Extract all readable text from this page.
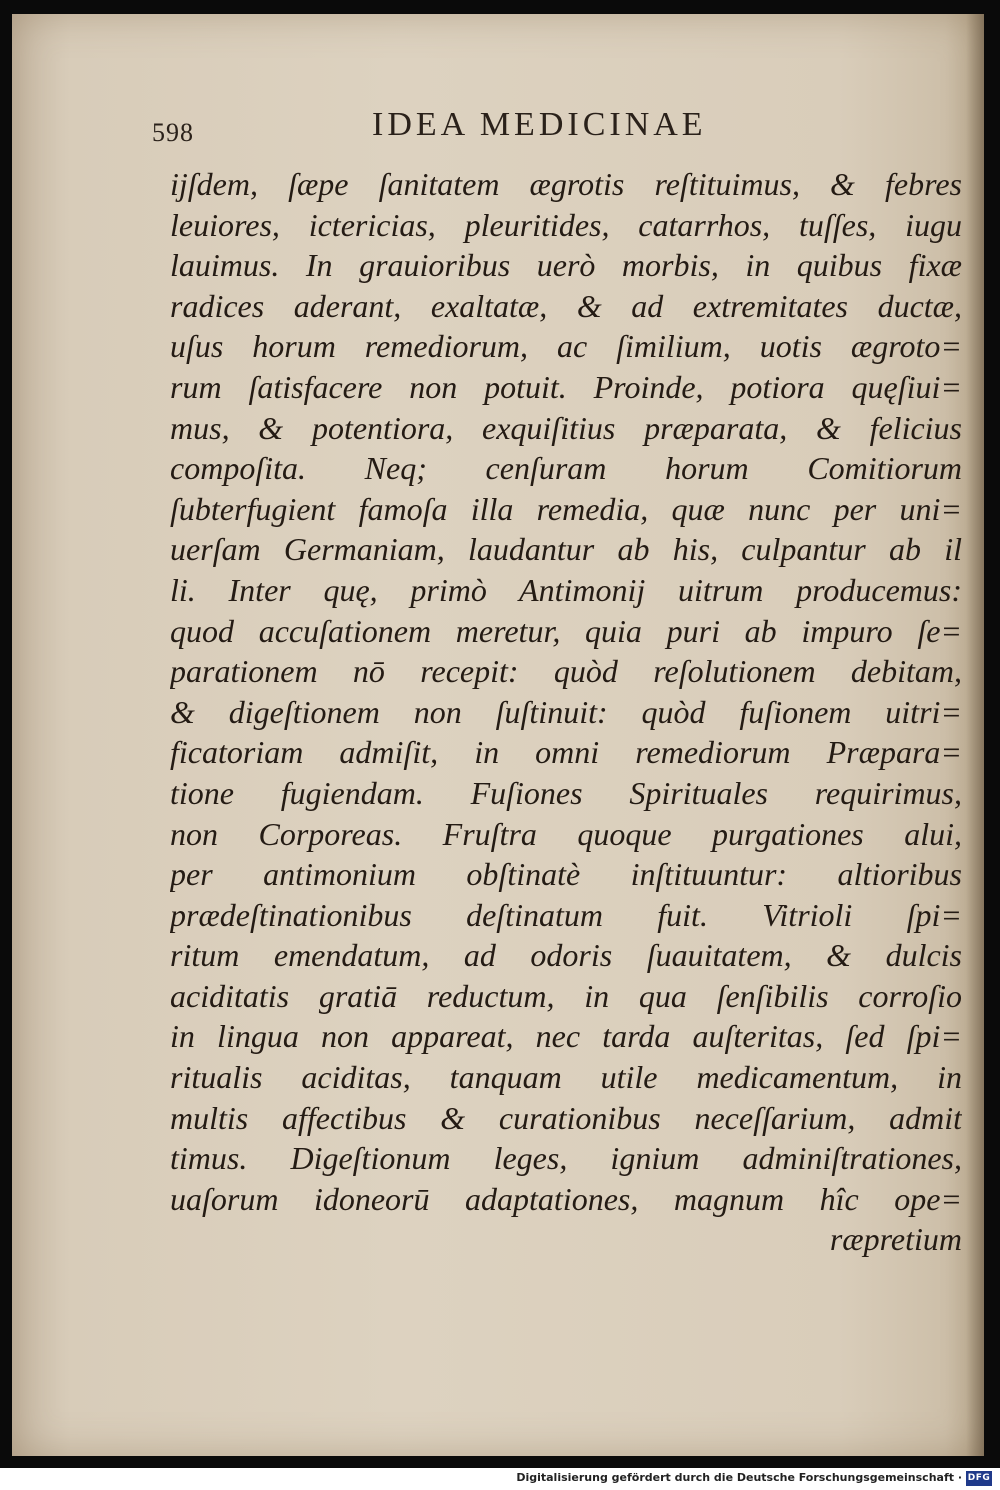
598	IDEA MEDICINAE
ijſdem, ſæpe ſanitatem ægrotis reſtituimus, & febres
leuiores, ictericias, pleuritides, catarrhos, tuſſes, iugu
lauimus. In grauioribus uerò morbis, in quibus fixæ
radices aderant, exaltatæ, & ad extremitates ductæ,
uſus horum remediorum, ac ſimilium, uotis ægroto=
rum ſatisfacere non potuit. Proinde, potiora quęſiui=
mus, & potentiora, exquiſitius præparata, & felicius
compoſita. Neq; cenſuram horum Comitiorum
ſubterfugient famoſa illa remedia, quæ nunc per uni=
uerſam Germaniam, laudantur ab his, culpantur ab il
li. Inter quę, primò Antimonij uitrum producemus:
quod accuſationem meretur, quia puri ab impuro ſe=
parationem nō recepit: quòd reſolutionem debitam,
& digeſtionem non ſuſtinuit: quòd fuſionem uitri=
ficatoriam admiſit, in omni remediorum Præpara=
tione fugiendam. Fuſiones Spirituales requirimus,
non Corporeas. Fruſtra quoque purgationes alui,
per antimonium obſtinatè inſtituuntur: altioribus
prædeſtinationibus deſtinatum fuit. Vitrioli ſpi=
ritum emendatum, ad odoris ſuauitatem, & dulcis
aciditatis gratiā reductum, in qua ſenſibilis corroſio
in lingua non appareat, nec tarda auſteritas, ſed ſpi=
ritualis aciditas, tanquam utile medicamentum, in
multis affectibus & curationibus neceſſarium, admit
timus. Digeſtionum leges, ignium adminiſtrationes,
uaſorum idoneorū adaptationes, magnum hîc ope=
ræpretium
Digitalisierung gefördert durch die Deutsche Forschungsgemeinschaft · DFG
